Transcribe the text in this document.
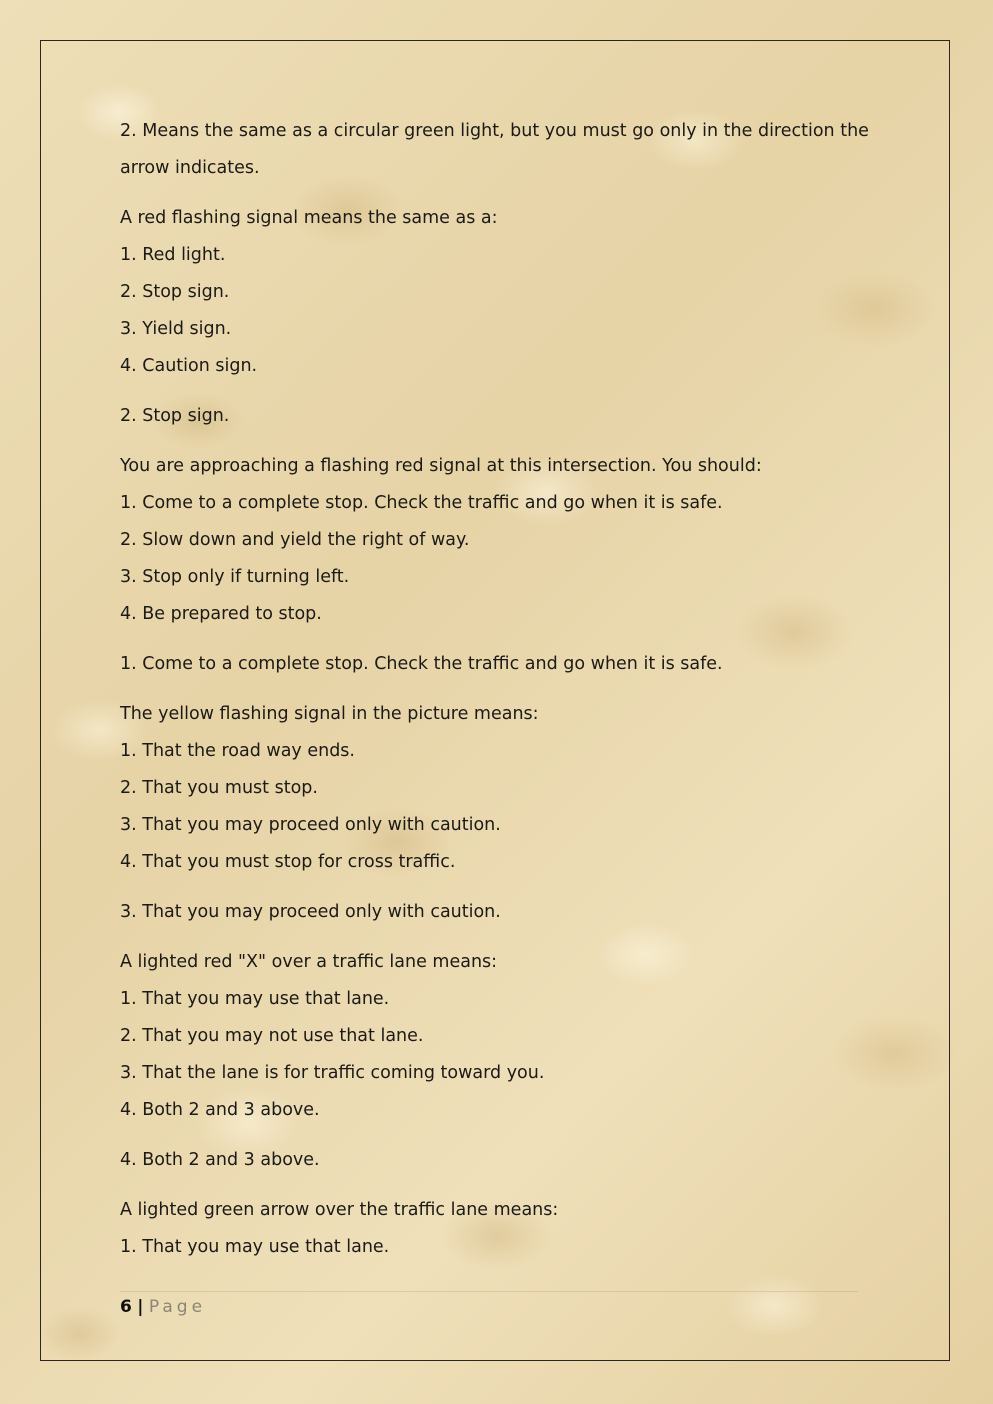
2. Means the same as a circular green light, but you must go only in the direction the

arrow indicates.

A red flashing signal means the same as a:

1. Red light.

2. Stop sign.

3. Yield sign.

4. Caution sign.

2. Stop sign.

You are approaching a flashing red signal at this intersection. You should:

1. Come to a complete stop. Check the traffic and go when it is safe.

2. Slow down and yield the right of way.

3. Stop only if turning left.

4. Be prepared to stop.

1. Come to a complete stop. Check the traffic and go when it is safe.

The yellow flashing signal in the picture means:

1. That the road way ends.

2. That you must stop.

3. That you may proceed only with caution.

4. That you must stop for cross traffic.

3. That you may proceed only with caution.

A lighted red "X" over a traffic lane means:

1. That you may use that lane.

2. That you may not use that lane.

3. That the lane is for traffic coming toward you.

4. Both 2 and 3 above.

4. Both 2 and 3 above.

A lighted green arrow over the traffic lane means:

1. That you may use that lane.

6 | Page
